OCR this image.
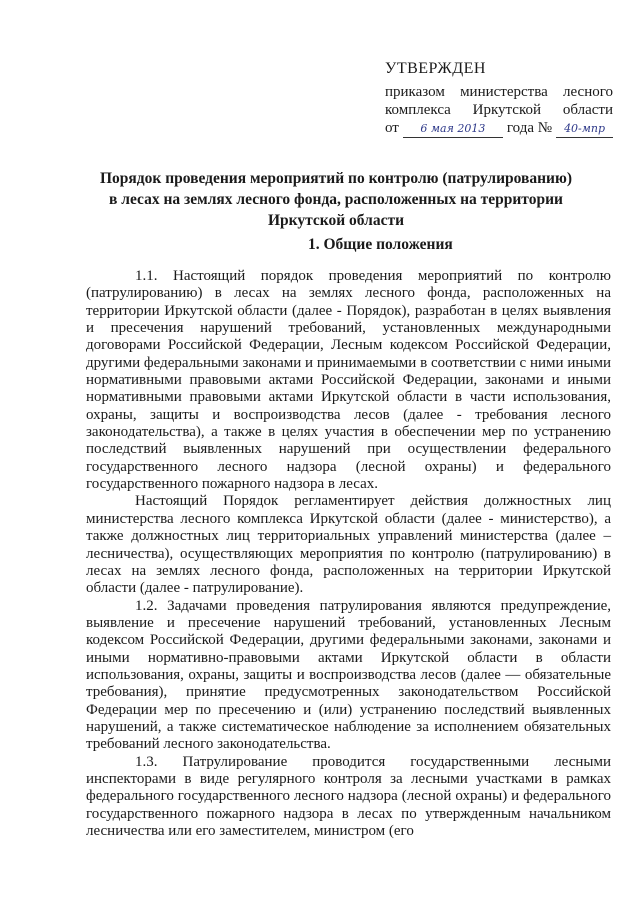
УТВЕРЖДЕН
приказом министерства лесного
комплекса Иркутской области
от	6 мая 2013	года №	40-мпр
Порядок проведения мероприятий по контролю (патрулированию) в лесах на землях лесного фонда, расположенных на территории Иркутской области
1. Общие положения

1.1. Настоящий порядок проведения мероприятий по контролю (патрулированию) в лесах на землях лесного фонда, расположенных на территории Иркутской области (далее - Порядок), разработан в целях выявления и пресечения нарушений требований, установленных международными договорами Российской Федерации, Лесным кодексом Российской Федерации, другими федеральными законами и принимаемыми в соответствии с ними иными нормативными правовыми актами Российской Федерации, законами и иными нормативными правовыми актами Иркутской области в части использования, охраны, защиты и воспроизводства лесов (далее - требования лесного законодательства), а также в целях участия в обеспечении мер по устранению последствий выявленных нарушений при осуществлении федерального государственного лесного надзора (лесной охраны) и федерального государственного пожарного надзора в лесах.

Настоящий Порядок регламентирует действия должностных лиц министерства лесного комплекса Иркутской области (далее - министерство), а также должностных лиц территориальных управлений министерства (далее – лесничества), осуществляющих мероприятия по контролю (патрулированию) в лесах на землях лесного фонда, расположенных на территории Иркутской области (далее - патрулирование).

1.2. Задачами проведения патрулирования являются предупреждение, выявление и пресечение нарушений требований, установленных Лесным кодексом Российской Федерации, другими федеральными законами, законами и иными нормативно-правовыми актами Иркутской области в области использования, охраны, защиты и воспроизводства лесов (далее — обязательные требования), принятие предусмотренных законодательством Российской Федерации мер по пресечению и (или) устранению последствий выявленных нарушений, а также систематическое наблюдение за исполнением обязательных требований лесного законодательства.

1.3. Патрулирование проводится государственными лесными инспекторами в виде регулярного контроля за лесными участками в рамках федерального государственного лесного надзора (лесной охраны) и федерального государственного пожарного надзора в лесах по утвержденным начальником лесничества или его заместителем, министром (его
